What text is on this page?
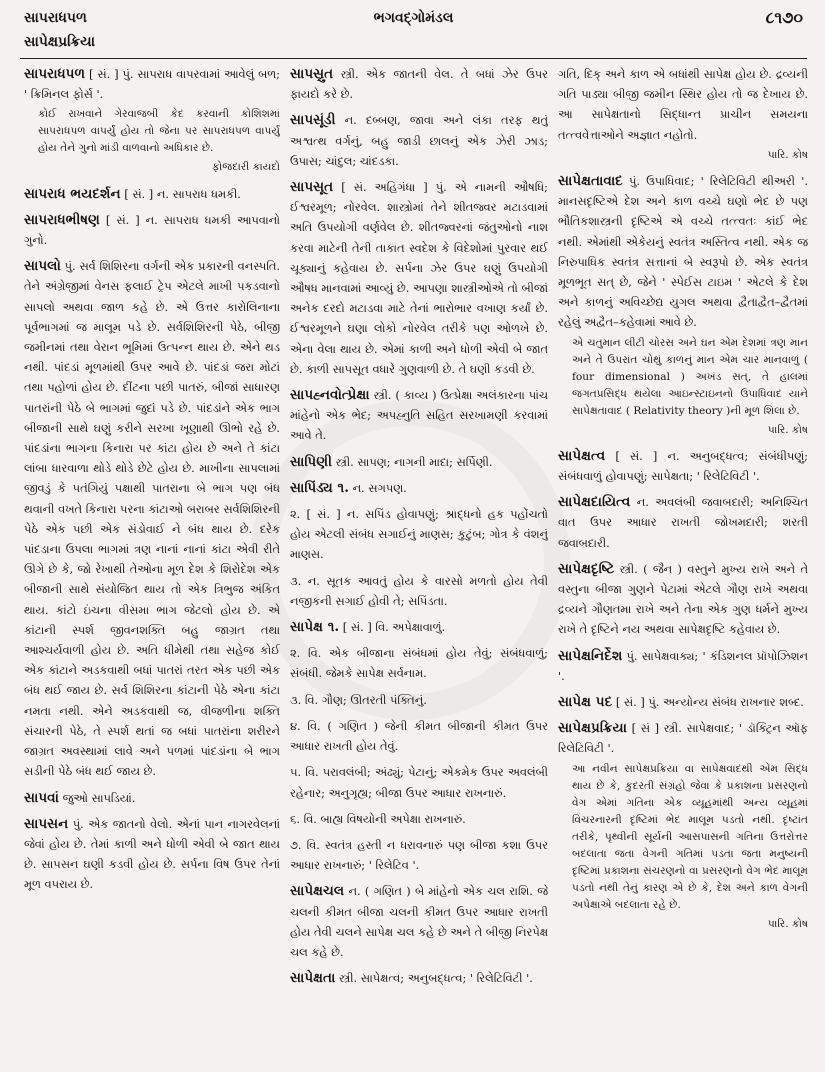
સાપરાધપળ	ભગવદ્ગોમંડલ	૮૧૭૦
સાપેક્ષપ્રક્રિયા
સાપરાધપળ [ સં. ] પું. સાપરાધ વાપરવામાં આવેલું બળ; ' ક્રિમિનલ ફોર્સ '.
કોઈ રાખવાને ગેરવાજબી કેદ કરવાની કોશિશમાં સાપરાધપળ વાપર્યું હોય તો જેના પર સાપરાધપળ વાપર્યું હોય તેને ગુનો માંડી વાળવાનો અધિકાર છે.
ફોજદારી કાયદો
સાપરાધ ભયદર્શન [ સં. ] ન. સાપરાધ ધમકી.
સાપરાધભીષણ [ સં. ] ન. સાપરાધ ધમકી આપવાનો ગુનો.
સાપલો પું. સર્વ શિશિરના વર્ગની એક પ્રકારની વનસ્પતિ. તેને અંગ્રેજીમાં વેનસ ફલાઈ ટ્રેપ એટલે માખી પકડવાનો સાપલો અથવા જાળ કહે છે. એ ઉત્તર કારોલિનાના પૂર્વભાગમાં જ માલૂમ પડે છે. સર્વશિશિરની પેઠે, બીજી જમીનમાં તથા વેરાન ભૂમિમાં ઉત્પન્ન થાય છે. એને થડ નથી. પાંદડાં મૂળમાંથી ઉપર આવે છે. પાંદડાં જરા મોટાં તથા પહોળાં હોય છે. દીંટના પછી પાતરું, બીજાં સાધારણ પાતરાંની પેઠે બે ભાગમાં જુદાં પડે છે. પાંદડાંને એક ભાગ બીજાની સાથે ઘણું કરીને સરખા ખૂણાથી ઊભો રહે છે. પાંદડાંના ભાગના કિનારા પર કાંટા હોય છે અને તે કાંટા લાંબા ધારવાળા થોડે થોડે છેટે હોય છે. માખીના સાપલામાં જીવડું કે પતંગિયું પક્ષાથી પાતરાના બે ભાગ પણ બંધ થવાની વખતે કિનારા પરના કાંટાઓ બરાબર સર્વશિશિરની પેઠે એક પછી એક સંડોવાઈ ને બંધ થાય છે. દરેક પાંદડાના ઉપલા ભાગમાં ત્રણ નાનાં નાનાં કાંટા એવી રીતે ઊગે છે કે, જો રેખાથી તેઓના મૂળ દેશ કે શિરોદેશ એક બીજાની સાથે સંયોજિત થાય તો એક ત્રિભુજ અંકિત થાય. કાંટો ઇંચના વીસમા ભાગ જેટલો હોય છે. એ કાંટાની સ્પર્શ જીવનશક્તિ બહુ જાગ્રત તથા આશ્ચર્યવાળી હોય છે. અતિ ધીમેથી તથા સહેજ કોઈ એક કાંટાને અડકવાથી બધાં પાતરાં તરત એક પછી એક બંધ થઈ જાય છે. સર્વ શિશિરના કાંટાની પેઠે એના કાંટા નમતા નથી. એને અડકવાથી જ, વીજળીના શક્તિ સંચારની પેઠે, તે સ્પર્શ થતાં જ બધાં પાતરાંના શરીરને જાગ્રત અવસ્થામાં લાવે અને પળમાં પાંદડાંના બે ભાગ સડીની પેઠે બંધ થઈ જાય છે.
સાપવાં જુઓ સાપડિયાં.
સાપસન પું. એક જાતનો વેલો. એનાં પાન નાગરવેલનાં જેવાં હોય છે. તેમાં કાળી અને ધોળી એવી બે જાત થાય છે. સાપસન ઘણી કડવી હોય છે. સર્પના વિષ ઉપર તેનાં મૂળ વપરાય છે.
સાપસ્રુત સ્ત્રી. એક જાતની વેલ. તે બધાં ઝેર ઉપર ફાયદો કરે છે.
સાપસૂંડી ન. દબ્બણ, જાવા અને લંકા તરફ થતું અશ્વત્થ વર્ગનું, બહુ જાડી છાલનું એક ઝેરી ઝાડ; ઉપાસ; ચાંદુલ; ચાંદડકા.
સાપસૂત [ સં. અહિગંધા ] પું. એ નામની ઔષધિ; ઈશ્વરમૂળ; નોરવેલ. શાસ્ત્રોમાં તેને શીતજ્વર મટાડવામાં અતિ ઉપયોગી વર્ણવેલ છે. શીતજ્વરનાં જંતુઓનો નાશ કરવા માટેની તેની તાકાત સ્વદેશ કે વિદેશોમાં પુરવાર થઈ ચૂક્યાનું કહેવાય છે. સર્પના ઝેર ઉપર ઘણું ઉપયોગી ઔષધ માનવામાં આવ્યું છે. આપણા શાસ્ત્રીઓએ તો બીજાં અનેક દરદો મટાડવા માટે તેનાં ભારોભાર વખાણ કર્યાં છે. ઈશ્વરમૂળને ઘણા લોકો નોરવેલ તરીકે પણ ઓળખે છે. એના વેલા થાય છે. એમાં કાળી અને ધોળી એવી બે જાત છે. કાળી સાપસૂત વધારે ગુણવાળી છે. તે ઘણી કડવી છે.
સાપહ્નવોત્પ્રેક્ષા સ્ત્રી. ( કાવ્ય ) ઉત્પ્રેક્ષા અલંકારના પાંચ માંહેનો એક ભેદ; અપહ્નુતિ સહિત સરખામણી કરવામાં આવે તે.
સાપિણી સ્ત્રી. સાપણ; નાગની માદા; સર્પિણી.
સાપિંડ્ય ૧. ન. સગપણ.
૨. [ સં. ] ન. સપિંડ હોવાપણું; શ્રાદ્ધનો હક પહોંચતો હોય એટલી સંબંધ સગાઈનું માણસ; કુટુંબ; ગોત્ર કે વંશનું માણસ.
૩. ન. સૂતક આવતું હોય કે વારસો મળતો હોય તેવી નજીકની સગાઈ હોવી તે; સપિંડતા.
સાપેક્ષ ૧. [ સં. ] વિ. અપેક્ષાવાળું.
૨. વિ. એક બીજાના સંબંધમાં હોય તેવું; સંબંધવાળું; સંબંધી. જેમકે સાપેક્ષ સર્વનામ.
૩. વિ. ગૌણ; ઊતરતી પંક્તિનું.
૪. વિ. ( ગણિત ) જેની કીમત બીજાની કીમત ઉપર આધાર રાખતી હોય તેવું.
૫. વિ. પરાવલંબી; અંઢ્યું; પેટાનું; એકમેક ઉપર અવલંબી રહેનાર; અનુગૃહ્ય; બીજા ઉપર આધાર રાખનારું.
૬. વિ. બાહ્ય વિષયોની અપેક્ષા રાખનારું.
૭. વિ. સ્વતંત્ર હસ્તી ન ધરાવનારું પણ બીજા કશા ઉપર આધાર રાખનારું; ' રિલેટિવ '.
સાપેક્ષચલ ન. ( ગણિત ) બે માંહેનો એક ચલ રાશિ. જે ચલની કીમત બીજા ચલની કીમત ઉપર આધાર રાખતી હોય તેવી ચલને સાપેક્ષ ચલ કહે છે અને તે બીજી નિરપેક્ષ ચલ કહે છે.
સાપેક્ષતા સ્ત્રી. સાપેક્ષત્વ; અનુબદ્ધત્વ; ' રિલેટિવિટી '.
ગતિ, દિક્ અને કાળ એ બધાંથી સાપેક્ષ હોય છે. દ્રવ્યની ગતિ પાડ્યા બીજી જમીન સ્થિર હોય તો જ દેખાય છે. આ સાપેક્ષતાનો સિદ્ધાન્ત પ્રાચીન સમયના તત્ત્વવેત્તાઓને અજ્ઞાત નહોતો.
પારિ. કોષ
સાપેક્ષતાવાદ પું. ઉપાધિવાદ; ' રિલેટિવિટી થીઅરી '. માનસદૃષ્ટિએ દેશ અને કાળ વચ્ચે ઘણો ભેદ છે પણ ભૌતિકશાસ્ત્રની દૃષ્ટિએ એ વચ્ચે તત્ત્વતઃ કાંઈ ભેદ નથી. એમાંથી એકેયનું સ્વતંત્ર અસ્તિત્વ નથી. એક જ નિરુપાધિક સ્વતંત્ર સત્તાનાં બે સ્વરૂપો છે. એક સ્વતંત્ર મૂળભૂત સત્ છે, જેને ' સ્પેઈસ ટાઇમ ' એટલે કે દેશ અને કાળનું અવિચ્છેદ્ય યુગલ અથવા દ્વૈતાદ્વૈત–દ્વૈતમાં રહેલું અદ્વૈત–કહેવામાં આવે છે.
એ ચતુમાન લીટી ચોરસ અને ઘન એમ દેશમાં ત્રણ માન અને તે ઉપરાંત ચોથું કાળનું માન એમ ચાર માનવાળું ( four dimensional ) અખંડ સત્, તે હાલમાં જગતપ્રસિદ્ધ થયેલા આઇન્સ્ટાઇનનો ઉપાધિવાદ યાને સાપેક્ષતાવાદ ( Relativity theory )ની મૂળ શિલા છે.
પારિ. કોષ
સાપેક્ષત્વ [ સં. ] ન. અનુબદ્ધત્વ; સંબંધીપણું; સંબંધવાળું હોવાપણું; સાપેક્ષતા; ' રિલેટિવિટી '.
સાપેક્ષદાયિત્વ ન. અવલંબી જવાબદારી; અનિશ્ચિત વાત ઉપર આધાર રાખતી જોખમદારી; શરતી જવાબદારી.
સાપેક્ષદૃષ્ટિ સ્ત્રી. ( જૈન ) વસ્તુને મુખ્ય રાખે અને તે વસ્તુના બીજા ગુણને પેટામાં એટલે ગૌણ રાખે અથવા દ્રવ્યને ગૌણતમા રાખે અને તેના એક ગુણ ધર્મને મુખ્ય રાખે તે દૃષ્ટિને નય અથવા સાપેક્ષદૃષ્ટિ કહેવાય છે.
સાપેક્ષનિર્દેશ પું. સાપેક્ષવાક્ય; ' કંડિશનલ પ્રૉપોઝિશન '.
સાપેક્ષ પદ [ સં. ] પું. અન્યોન્ય સંબંધ રાખનાર શબ્દ.
સાપેક્ષપ્રક્રિયા [ સં ] સ્ત્રી. સાપેક્ષવાદ; ' ડૉક્ટ્રિન ઑફ રિલેટિવિટી '.
આ નવીન સાપેક્ષપ્રક્રિયા વા સાપેક્ષવાદથી એમ સિદ્ધ થાય છે કે, કુદરતી સંગ્રહો જેવા કે પ્રકાશના પ્રસરણનો વેગ એમાં ગતિના એક વ્યૂહમાંથી અન્ય વ્યૂહમાં વિચરનારની દૃષ્ટિમાં ભેદ માલૂમ પડતો નથી. દૃષ્ટાંત તરીકે, પૃથ્વીની સૂર્યની આસપાસની ગતિના ઉત્તરોત્તર બદલાતા જતા વેગની ગતિમાં પડતા જતા મનુષ્યની દૃષ્ટિમાં પ્રકાશના સંચરણનો વા પ્રસરણનો વેગ ભેદ માલૂમ પડતો નથી તેનું કારણ એ છે કે, દેશ અને કાળ વેગની અપેક્ષાએ બદલાતા રહે છે.
પારિ. કોષ
